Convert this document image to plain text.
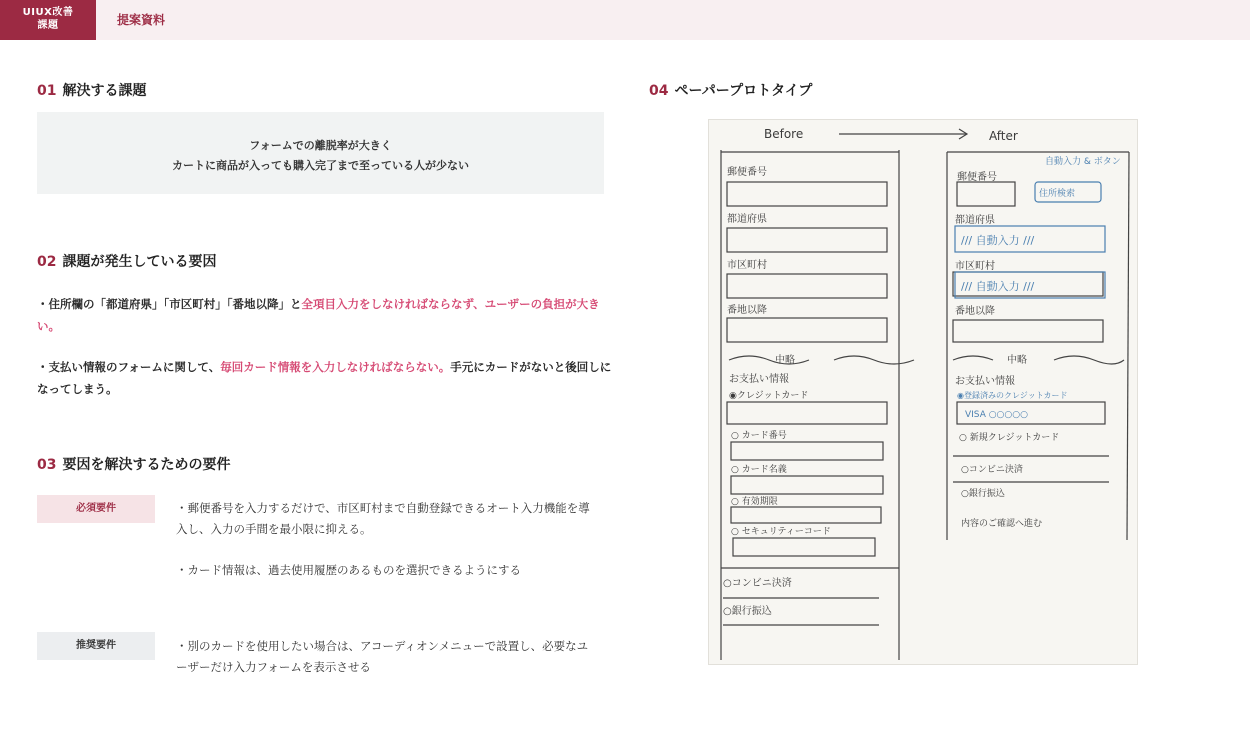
UIUX改善
課題	提案資料
01 解決する課題
フォームでの離脱率が大きく
カートに商品が入っても購入完了まで至っている人が少ない
02 課題が発生している要因
・住所欄の「都道府県」「市区町村」「番地以降」と全項目入力をしなければならなず、ユーザーの負担が大きい。
・支払い情報のフォームに関して、毎回カード情報を入力しなければならない。手元にカードがないと後回しになってしまう。
03 要因を解決するための要件
必須要件	・郵便番号を入力するだけで、市区町村まで自動登録できるオート入力機能を導入し、入力の手間を最小限に抑える。
・カード情報は、過去使用履歴のあるものを選択できるようにする
推奨要件	・別のカードを使用したい場合は、アコーディオンメニューで設置し、必要なユーザーだけ入力フォームを表示させる
04 ペーパープロトタイプ
Before	After
郵便番号
都道府県
市区町村
番地以降
中略
お支払い情報
◉クレジットカード
○ カード番号
○ カード名義
○ 有効期限
○ セキュリティーコード
○コンビニ決済
○銀行振込
郵便番号
自動入力 & ボタン
住所検索
都道府県
/// 自動入力 ///
市区町村
/// 自動入力 ///
番地以降
中略
お支払い情報
◉登録済みのクレジットカード
VISA ○○○○○
○ 新規クレジットカード
○コンビニ決済
○銀行振込
内容のご確認へ進む
